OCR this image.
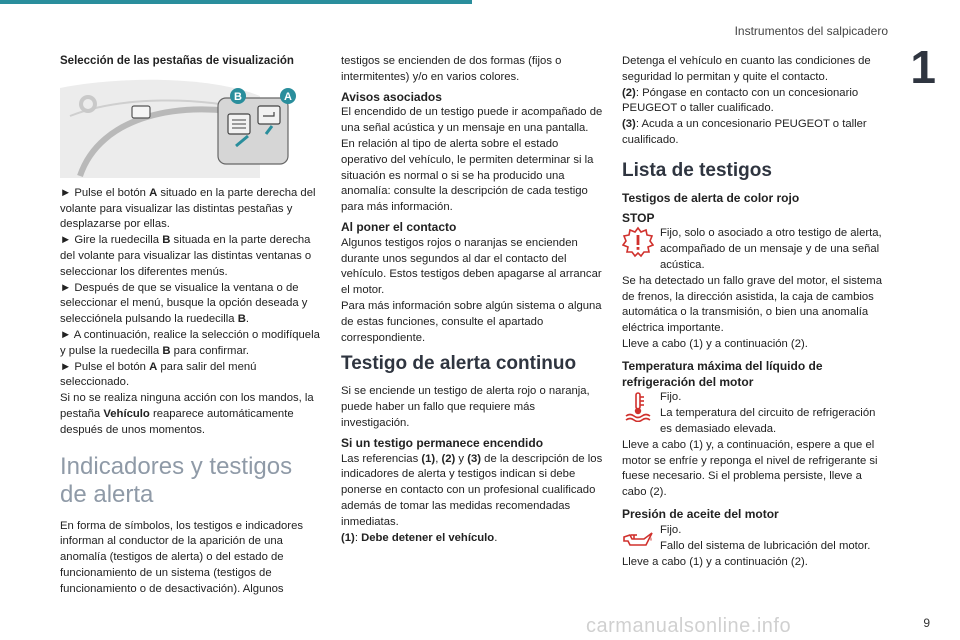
Instrumentos del salpicadero
1

Selección de las pestañas de visualización

B	A

► Pulse el botón A situado en la parte derecha del volante para visualizar las distintas pestañas y desplazarse por ellas.

► Gire la ruedecilla B situada en la parte derecha del volante para visualizar las distintas ventanas o seleccionar los diferentes menús.

► Después de que se visualice la ventana o de seleccionar el menú, busque la opción deseada y selecciónela pulsando la ruedecilla B.

► A continuación, realice la selección o modifíquela y pulse la ruedecilla B para confirmar.

► Pulse el botón A para salir del menú seleccionado.

Si no se realiza ninguna acción con los mandos, la pestaña Vehículo reaparece automáticamente después de unos momentos.

Indicadores y testigos de alerta

En forma de símbolos, los testigos e indicadores informan al conductor de la aparición de una anomalía (testigos de alerta) o del estado de funcionamiento de un sistema (testigos de funcionamiento o de desactivación). Algunos

testigos se encienden de dos formas (fijos o intermitentes) y/o en varios colores.

Avisos asociados

El encendido de un testigo puede ir acompañado de una señal acústica y un mensaje en una pantalla.

En relación al tipo de alerta sobre el estado operativo del vehículo, le permiten determinar si la situación es normal o si se ha producido una anomalía: consulte la descripción de cada testigo para más información.

Al poner el contacto

Algunos testigos rojos o naranjas se encienden durante unos segundos al dar el contacto del vehículo. Estos testigos deben apagarse al arrancar el motor.

Para más información sobre algún sistema o alguna de estas funciones, consulte el apartado correspondiente.

Testigo de alerta continuo

Si se enciende un testigo de alerta rojo o naranja, puede haber un fallo que requiere más investigación.

Si un testigo permanece encendido

Las referencias (1), (2) y (3) de la descripción de los indicadores de alerta y testigos indican si debe ponerse en contacto con un profesional cualificado además de tomar las medidas recomendadas inmediatas.

(1): Debe detener el vehículo.

Detenga el vehículo en cuanto las condiciones de seguridad lo permitan y quite el contacto.

(2): Póngase en contacto con un concesionario PEUGEOT o taller cualificado.

(3): Acuda a un concesionario PEUGEOT o taller cualificado.

Lista de testigos

Testigos de alerta de color rojo

STOP

Fijo, solo o asociado a otro testigo de alerta, acompañado de un mensaje y de una señal acústica.

Se ha detectado un fallo grave del motor, el sistema de frenos, la dirección asistida, la caja de cambios automática o la transmisión, o bien una anomalía eléctrica importante.

Lleve a cabo (1) y a continuación (2).

Temperatura máxima del líquido de refrigeración del motor

Fijo.

La temperatura del circuito de refrigeración es demasiado elevada.

Lleve a cabo (1) y, a continuación, espere a que el motor se enfríe y reponga el nivel de refrigerante si fuese necesario. Si el problema persiste, lleve a cabo (2).

Presión de aceite del motor

Fijo.

Fallo del sistema de lubricación del motor.

Lleve a cabo (1) y a continuación (2).

carmanualsonline.info	9
